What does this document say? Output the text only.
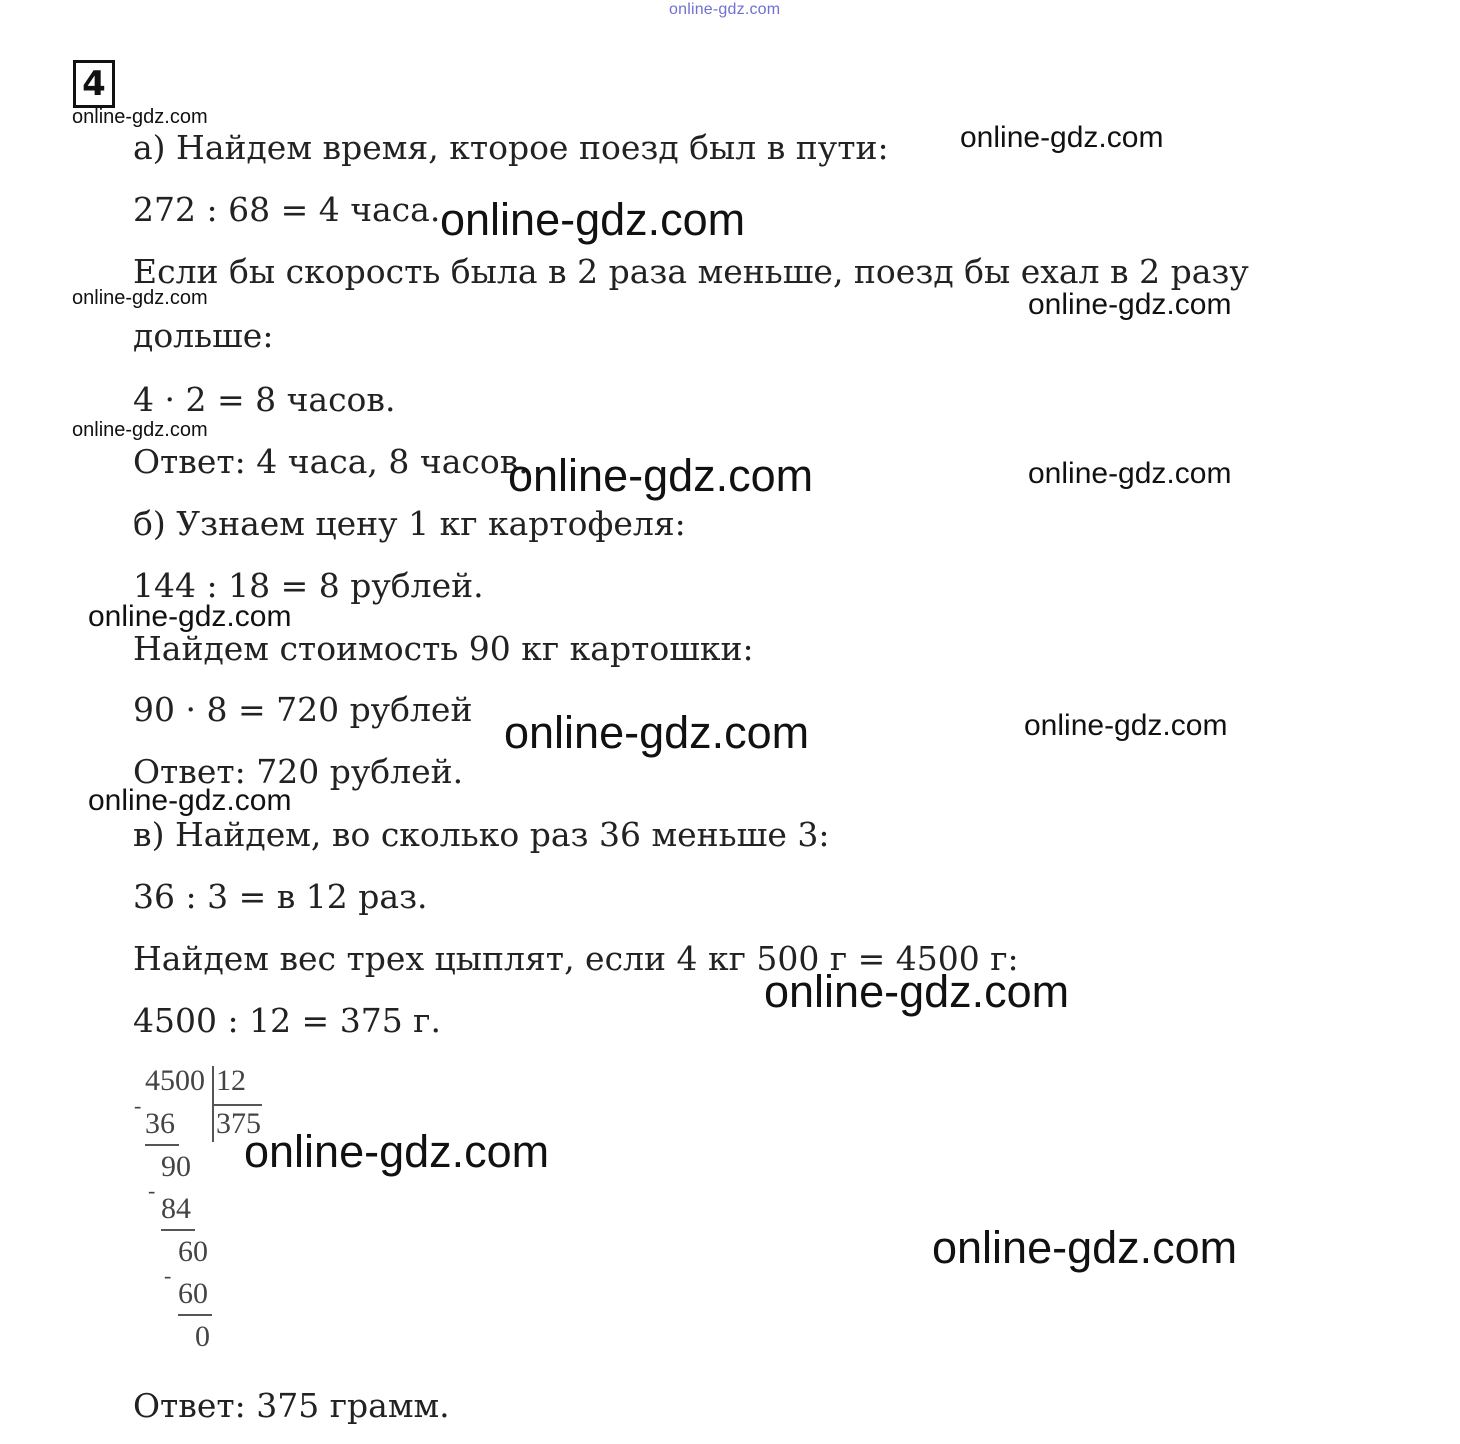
online-gdz.com
4
а) Найдем время, кторое поезд был в пути:
272 : 68 = 4 часа.
Если бы скорость была в 2 раза меньше, поезд бы ехал в 2 разу
дольше:
4 · 2 = 8 часов.
Ответ: 4 часа, 8 часов.
б) Узнаем цену 1 кг картофеля:
144 : 18 = 8 рублей.
Найдем стоимость 90 кг картошки:
90 · 8 = 720 рублей
Ответ: 720 рублей.
в) Найдем, во сколько раз 36 меньше 3:
36 : 3 = в 12 раз.
Найдем вес трех цыплят, если 4 кг 500 г = 4500 г:
4500 : 12 = 375 г.
Ответ: 375 грамм.
4500 12
375
-
36
90
-
84
60
-
60
0
online-gdz.com
online-gdz.com
online-gdz.com
online-gdz.com	online-gdz.com
online-gdz.com
online-gdz.com	online-gdz.com
online-gdz.com
online-gdz.com	online-gdz.com
online-gdz.com
online-gdz.com
online-gdz.com
online-gdz.com
